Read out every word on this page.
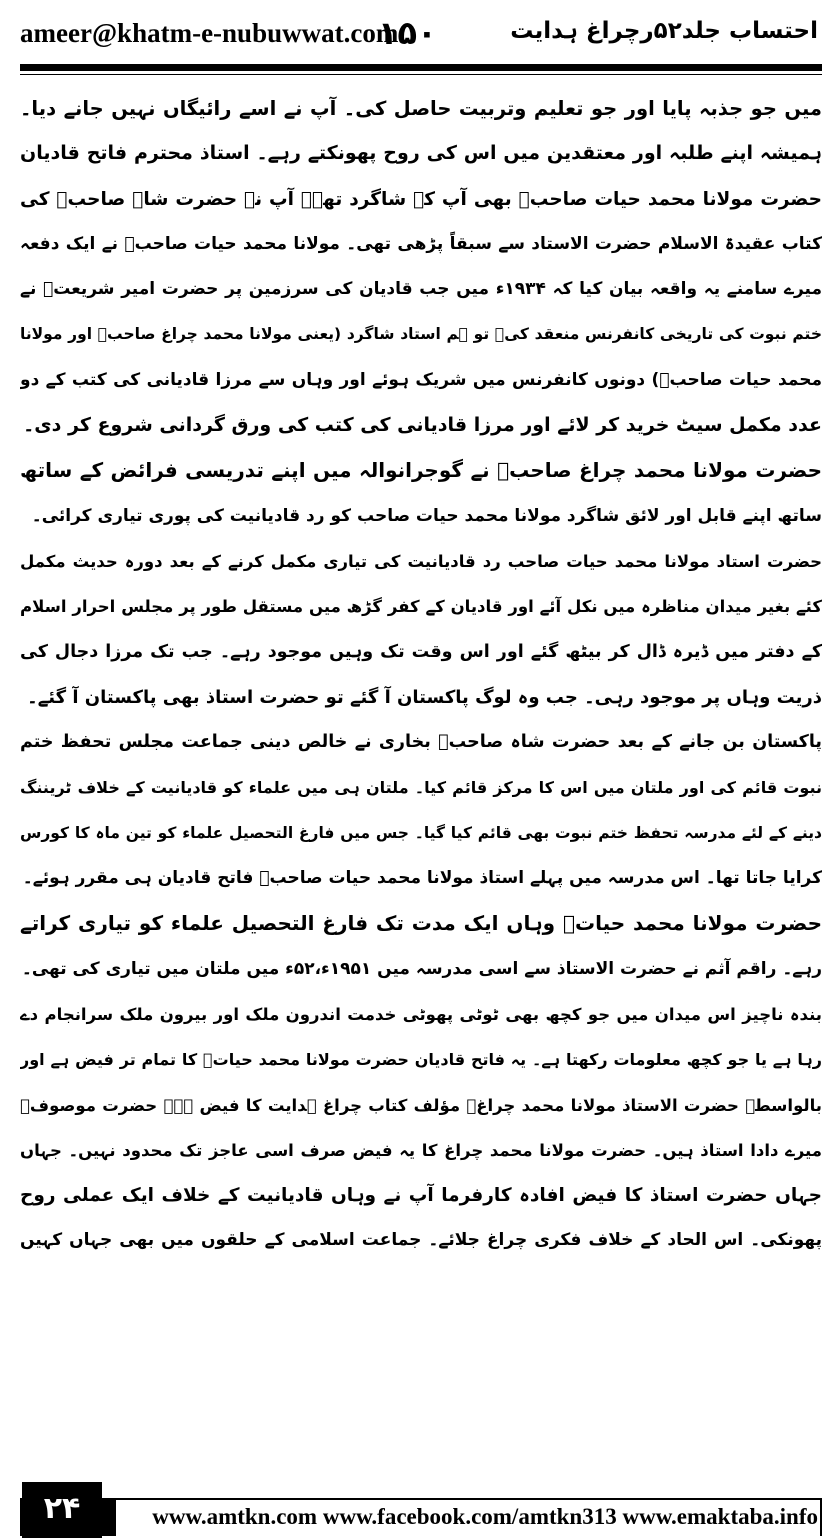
ameer@khatm-e-nubuwwat.com
۱۵۰	احتساب جلد۵۲رچراغ ہدایت
میں جو جذبہ پایا اور جو تعلیم وتربیت حاصل کی۔ آپ نے اسے رائیگاں نہیں جانے دیا۔
ہمیشہ اپنے طلبہ اور معتقدین میں اس کی روح پھونکتے رہے۔ استاذ محترم فاتح قادیان
حضرت مولانا محمد حیات صاحبؒ بھی آپ کے شاگرد تھے۔ آپ نے حضرت شاہ صاحبؒ کی
کتاب عقیدۃ الاسلام حضرت الاستاد سے سبقاً پڑھی تھی۔ مولانا محمد حیات صاحبؒ نے ایک دفعہ
میرے سامنے یہ واقعہ بیان کیا کہ ۱۹۳۴ء میں جب قادیان کی سرزمین پر حضرت امیر شریعتؒ نے
ختم نبوت کی تاریخی کانفرنس منعقد کی۔ تو ہم استاد شاگرد (یعنی مولانا محمد چراغ صاحبؒ اور مولانا
محمد حیات صاحبؒ) دونوں کانفرنس میں شریک ہوئے اور وہاں سے مرزا قادیانی کی کتب کے دو
عدد مکمل سیٹ خرید کر لائے اور مرزا قادیانی کی کتب کی ورق گردانی شروع کر دی۔
حضرت مولانا محمد چراغ صاحبؒ نے گوجرانوالہ میں اپنے تدریسی فرائض کے ساتھ
ساتھ اپنے قابل اور لائق شاگرد مولانا محمد حیات صاحب کو رد قادیانیت کی پوری تیاری کرائی۔
حضرت استاد مولانا محمد حیات صاحب رد قادیانیت کی تیاری مکمل کرنے کے بعد دورہ حدیث مکمل
کئے بغیر میدان مناظرہ میں نکل آئے اور قادیان کے کفر گڑھ میں مستقل طور پر مجلس احرار اسلام
کے دفتر میں ڈیرہ ڈال کر بیٹھ گئے اور اس وقت تک وہیں موجود رہے۔ جب تک مرزا دجال کی
ذریت وہاں پر موجود رہی۔ جب وہ لوگ پاکستان آ گئے تو حضرت استاذ بھی پاکستان آ گئے۔
پاکستان بن جانے کے بعد حضرت شاہ صاحبؒ بخاری نے خالص دینی جماعت مجلس تحفظ ختم
نبوت قائم کی اور ملتان میں اس کا مرکز قائم کیا۔ ملتان ہی میں علماء کو قادیانیت کے خلاف ٹریننگ
دینے کے لئے مدرسہ تحفظ ختم نبوت بھی قائم کیا گیا۔ جس میں فارغ التحصیل علماء کو تین ماہ کا کورس
کرایا جاتا تھا۔ اس مدرسہ میں پہلے استاذ مولانا محمد حیات صاحبؒ فاتح قادیان ہی مقرر ہوئے۔
حضرت مولانا محمد حیاتؒ وہاں ایک مدت تک فارغ التحصیل علماء کو تیاری کراتے
رہے۔ راقم آثم نے حضرت الاستاذ سے اسی مدرسہ میں ۱۹۵۱ء،۵۲ء میں ملتان میں تیاری کی تھی۔
بندہ ناچیز اس میدان میں جو کچھ بھی ٹوٹی پھوٹی خدمت اندرون ملک اور بیرون ملک سرانجام دے
رہا ہے یا جو کچھ معلومات رکھتا ہے۔ یہ فاتح قادیان حضرت مولانا محمد حیاتؒ کا تمام تر فیض ہے اور
بالواسطہ حضرت الاستاذ مولانا محمد چراغؒ مؤلف کتاب چراغ ہدایت کا فیض ہے۔ حضرت موصوفؒ
میرے دادا استاذ ہیں۔ حضرت مولانا محمد چراغ کا یہ فیض صرف اسی عاجز تک محدود نہیں۔ جہاں
جہاں حضرت استاذ کا فیض افادہ کارفرما آپ نے وہاں قادیانیت کے خلاف ایک عملی روح
پھونکی۔ اس الحاد کے خلاف فکری چراغ جلائے۔ جماعت اسلامی کے حلقوں میں بھی جہاں کہیں
۲۴	www.amtkn.com www.facebook.com/amtkn313 www.emaktaba.info
